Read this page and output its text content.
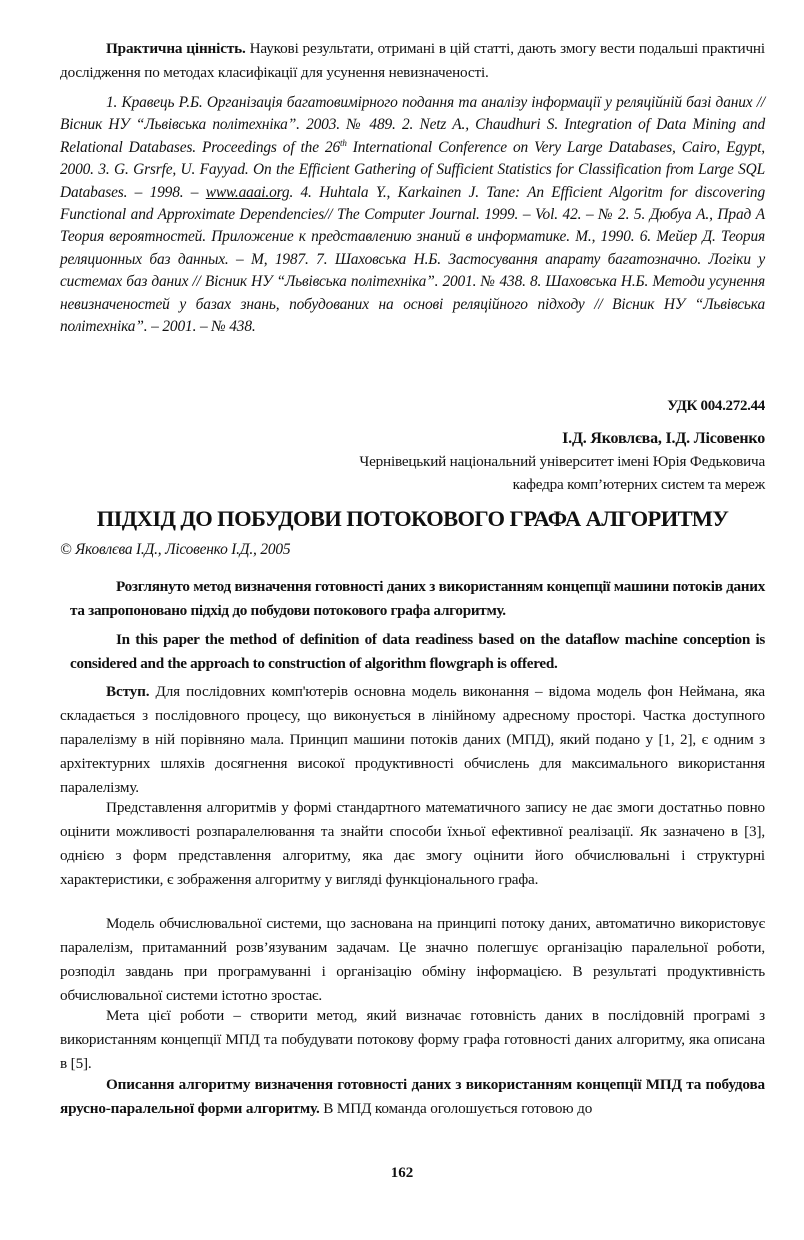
Практична цінність. Наукові результати, отримані в цій статті, дають змогу вести подальші практичні дослідження по методах класифікації для усунення невизначеності.

1. Кравець Р.Б. Організація багатовимірного подання та аналізу інформації у реляційній базі даних //Вісник НУ “Львівська політехніка”. 2003. № 489. 2. Netz A., Chaudhuri S. Integration of Data Mining and Relational Databases. Proceedings of the 26th International Conference on Very Large Databases, Cairo, Egypt, 2000. 3. G. Grsrfe, U. Fayyad. On the Efficient Gathering of Sufficient Statistics for Classification from Large SQL Databases. – 1998. – www.aaai.org. 4. Huhtala Y., Karkainen J. Tane: An Efficient Algoritm for discovering Functional and Approximate Dependencies// The Computer Journal. 1999. – Vol. 42. – № 2. 5. Дюбуа А., Прад А Теория вероятностей. Приложение к представлению знаний в информатике. М., 1990. 6. Мейер Д. Теория реляционных баз данных. – М, 1987. 7. Шаховська Н.Б. Застосування апарату багатозначно. Логіки у системах баз даних // Вісник НУ “Львівська політехніка”. 2001. № 438. 8. Шаховська Н.Б. Методи усунення невизначеностей у базах знань, побудованих на основі реляційного підходу // Вісник НУ “Львівська політехніка”. – 2001. – № 438.

УДК 004.272.44
І.Д. Яковлєва, І.Д. Лісовенко
Чернівецький національний університет імені Юрія Федьковича
кафедра комп’ютерних систем та мереж
ПІДХІД ДО ПОБУДОВИ ПОТОКОВОГО ГРАФА АЛГОРИТМУ
© Яковлєва І.Д., Лісовенко І.Д., 2005

Розглянуто метод визначення готовності даних з використанням концепції машини потоків даних та запропоновано підхід до побудови потокового графа алгоритму.

In this paper the method of definition of data readiness based on the dataflow machine conception is considered and the approach to construction of algorithm flowgraph is offered.

Вступ. Для послідовних комп'ютерів основна модель виконання – відома модель фон Неймана, яка складається з послідовного процесу, що виконується в лінійному адресному просторі. Частка доступного паралелізму в ній порівняно мала. Принцип машини потоків даних (МПД), який подано у [1, 2], є одним з архітектурних шляхів досягнення високої продуктивності обчислень для максимального використання паралелізму.

Представлення алгоритмів у формі стандартного математичного запису не дає змоги достатньо повно оцінити можливості розпаралелювання та знайти способи їхньої ефективної реалізації. Як зазначено в [3], однією з форм представлення алгоритму, яка дає змогу оцінити його обчислювальні і структурні характеристики, є зображення алгоритму у вигляді функціонального графа.

Модель обчислювальної системи, що заснована на принципі потоку даних, автоматично використовує паралелізм, притаманний розв’язуваним задачам. Це значно полегшує організацію паралельної роботи, розподіл завдань при програмуванні і організацію обміну інформацією. В результаті продуктивність обчислювальної системи істотно зростає.

Мета цієї роботи – створити метод, який визначає готовність даних в послідовній програмі з використанням концепції МПД та побудувати потокову форму графа готовності даних алгоритму, яка описана в [5].

Описання алгоритму визначення готовності даних з використанням концепції МПД та побудова ярусно-паралельної форми алгоритму. В МПД команда оголошується готовою до

162
